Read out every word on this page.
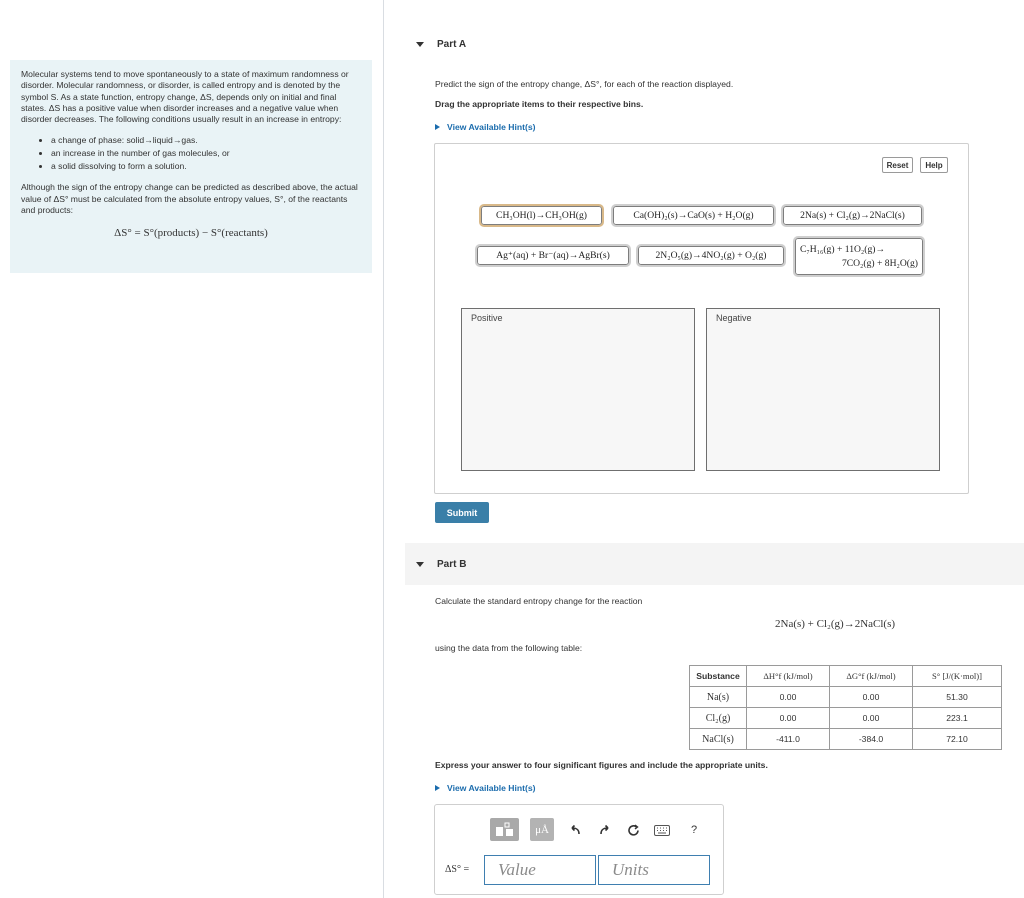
Molecular systems tend to move spontaneously to a state of maximum randomness or disorder. Molecular randomness, or disorder, is called entropy and is denoted by the symbol S. As a state function, entropy change, ΔS, depends only on initial and final states. ΔS has a positive value when disorder increases and a negative value when disorder decreases. The following conditions usually result in an increase in entropy:

• a change of phase: solid→liquid→gas.
• an increase in the number of gas molecules, or
• a solid dissolving to form a solution.

Although the sign of the entropy change can be predicted as described above, the actual value of ΔS° must be calculated from the absolute entropy values, S°, of the reactants and products:

ΔS° = S°(products) − S°(reactants)
Part A
Predict the sign of the entropy change, ΔS°, for each of the reaction displayed.
Drag the appropriate items to their respective bins.
View Available Hint(s)
Reset	Help
CH₃OH(l)→CH₃OH(g)	Ca(OH)₂(s)→CaO(s) + H₂O(g)	2Na(s) + Cl₂(g)→2NaCl(s)
Ag⁺(aq) + Br⁻(aq)→AgBr(s)	2N₂O₅(g)→4NO₂(g) + O₂(g)
C₇H₁₆(g) + 11O₂(g)→
7CO₂(g) + 8H₂O(g)
Positive	Negative
Submit
Part B
Calculate the standard entropy change for the reaction
2Na(s) + Cl₂(g)→2NaCl(s)
using the data from the following table:
Substance	ΔH°f (kJ/mol)	ΔG°f (kJ/mol)	S° [J/(K·mol)]
Na(s)	0.00	0.00	51.30
Cl₂(g)	0.00	0.00	223.1
NaCl(s)	-411.0	-384.0	72.10
Express your answer to four significant figures and include the appropriate units.
View Available Hint(s)
μÅ	?
ΔS° =	Value	Units
